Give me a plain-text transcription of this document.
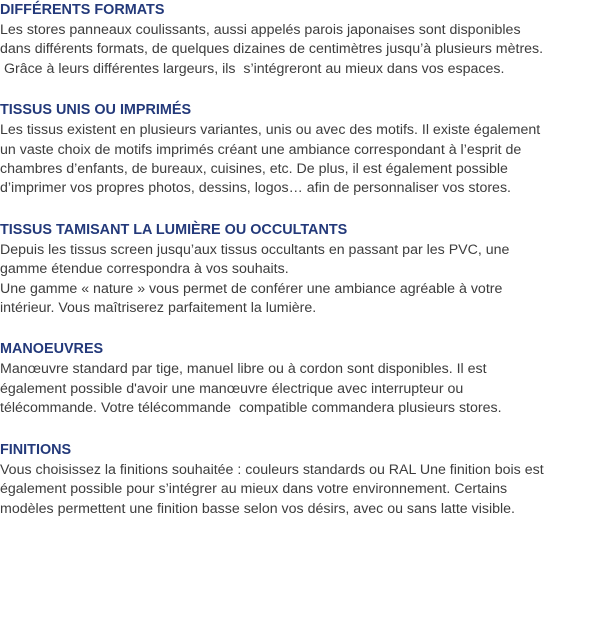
DIFFÉRENTS FORMATS

Les stores panneaux coulissants, aussi appelés parois japonaises sont disponibles
dans différents formats, de quelques dizaines de centimètres jusqu’à plusieurs mètres.
Grâce à leurs différentes largeurs, ils  s’intégreront au mieux dans vos espaces.

TISSUS UNIS OU IMPRIMÉS

Les tissus existent en plusieurs variantes, unis ou avec des motifs. Il existe également
un vaste choix de motifs imprimés créant une ambiance correspondant à l’esprit de
chambres d’enfants, de bureaux, cuisines, etc. De plus, il est également possible
d’imprimer vos propres photos, dessins, logos… afin de personnaliser vos stores.

TISSUS TAMISANT LA LUMIÈRE OU OCCULTANTS

Depuis les tissus screen jusqu’aux tissus occultants en passant par les PVC, une
gamme étendue correspondra à vos souhaits.
Une gamme « nature » vous permet de conférer une ambiance agréable à votre
intérieur. Vous maîtriserez parfaitement la lumière.

MANOEUVRES

Manœuvre standard par tige, manuel libre ou à cordon sont disponibles. Il est
également possible d'avoir une manœuvre électrique avec interrupteur ou
télécommande. Votre télécommande  compatible commandera plusieurs stores.

FINITIONS

Vous choisissez la finitions souhaitée : couleurs standards ou RAL Une finition bois est
également possible pour s’intégrer au mieux dans votre environnement. Certains
modèles permettent une finition basse selon vos désirs, avec ou sans latte visible.
